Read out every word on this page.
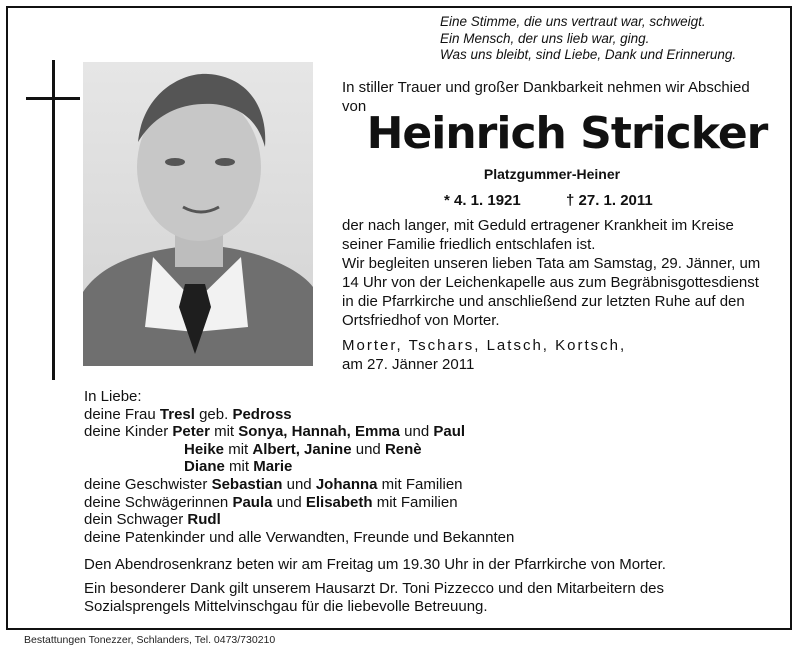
Eine Stimme, die uns vertraut war, schweigt.
Ein Mensch, der uns lieb war, ging.
Was uns bleibt, sind Liebe, Dank und Erinnerung.
In stiller Trauer und großer Dankbarkeit nehmen wir Abschied von
Heinrich Stricker
Platzgummer-Heiner
* 4. 1. 1921	† 27. 1. 2011
der nach langer, mit Geduld ertragener Krankheit im Kreise seiner Familie friedlich entschlafen ist.
Wir begleiten unseren lieben Tata am Samstag, 29. Jänner, um 14 Uhr von der Leichenkapelle aus zum Begräbnisgottesdienst in die Pfarrkirche und anschließend zur letzten Ruhe auf den Ortsfriedhof von Morter.
Morter, Tschars, Latsch, Kortsch,
am 27. Jänner 2011
In Liebe:
deine Frau Tresl geb. Pedross
deine Kinder Peter mit Sonya, Hannah, Emma und Paul
Heike mit Albert, Janine und Renè
Diane mit Marie
deine Geschwister Sebastian und Johanna mit Familien
deine Schwägerinnen Paula und Elisabeth mit Familien
dein Schwager Rudl
deine Patenkinder und alle Verwandten, Freunde und Bekannten
Den Abendrosenkranz beten wir am Freitag um 19.30 Uhr in der Pfarrkirche von Morter.
Ein besonderer Dank gilt unserem Hausarzt Dr. Toni Pizzecco und den Mitarbeitern des Sozialsprengels Mittelvinschgau für die liebevolle Betreuung.
Bestattungen Tonezzer, Schlanders, Tel. 0473/730210
